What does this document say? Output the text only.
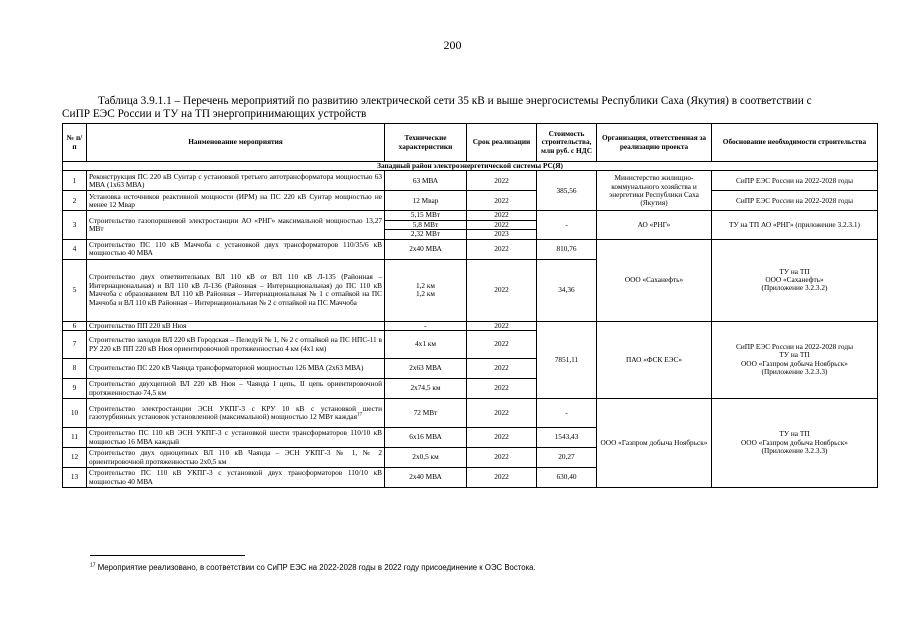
200
Таблица 3.9.1.1 – Перечень мероприятий по развитию электрической сети 35 кВ и выше энергосистемы Республики Саха (Якутия) в соответствии с СиПР ЕЭС России и ТУ на ТП энергопринимающих устройств
№ п/п	Наименование мероприятия	Технические характеристики	Срок реализации	Стоимость строительства, млн руб. с НДС	Организация, ответственная за реализацию проекта	Обоснование необходимости строительства
Западный район электроэнергетической системы РС(Я)						
1	Реконструкция ПС 220 кВ Сунтар с установкой третьего автотрансформатора мощностью 63 МВА (1х63 МВА)	63 МВА	2022	385,56	Министерство жилищно-коммунального хозяйства и энергетики Республики Саха (Якутия)	СиПР ЕЭС России на 2022-2028 годы
2	Установка источников реактивной мощности (ИРМ) на ПС 220 кВ Сунтар мощностью не менее 12 Мвар	12 Мвар	2022			СиПР ЕЭС России на 2022-2028 годы
3	Строительство газопоршневой электростанции АО «РНГ» максимальной мощностью 13,27 МВт	5,15 МВт	2022	-	АО «РНГ»	ТУ на ТП АО «РНГ» (приложение 3.2.3.1)
		5,8 МВт	2022			
		2,32 МВт	2023			
4	Строительство ПС 110 кВ Маччоба с установкой двух трансформаторов 110/35/6 кВ мощностью 40 МВА	2х40 МВА	2022	810,76	ООО «Саханефть»	ТУ на ТП
ООО «Саханефть»
(Приложение 3.2.3.2)

5	Строительство двух ответвительных ВЛ 110 кВ от ВЛ 110 кВ Л-135 (Районная – Интернациональная) и ВЛ 110 кВ Л-136 (Районная – Интернациональная) до ПС 110 кВ Маччоба с образованием ВЛ 110 кВ Районная – Интернациональная № 1 с отпайкой на ПС Маччоба и ВЛ 110 кВ Районная – Интернациональная № 2 с отпайкой на ПС Маччоба	1,2 км
1,2 км	2022	34,36		
6	Строительство ПП 220 кВ Нюя	-	2022	7851,11	ПАО «ФСК ЕЭС»	СиПР ЕЭС России на 2022-2028 годы
ТУ на ТП
ООО «Газпром добыча Ноябрьск»
(Приложение 3.2.3.3)

7	Строительство заходов ВЛ 220 кВ Городская – Пеледуй № 1, № 2 с отпайкой на ПС НПС-11 в РУ 220 кВ ПП 220 кВ Нюя ориентировочной протяженностью 4 км (4х1 км)	4х1 км	2022			
8	Строительство ПС 220 кВ Чаяндa трансформаторной мощностью 126 МВА (2х63 МВА)	2х63 МВА	2022			
9	Строительство двухцепной ВЛ 220 кВ Нюя – Чаянда I цепь, II цепь ориентировочной протяженностью 74,5 км	2х74,5 км	2022			
10	Строительство электростанции ЭСН УКПГ-3 с КРУ 10 кВ с установкой шести газотурбинных установок установленной (максимальной) мощностью 12 МВт каждая$^{17}$	72 МВт	2022	-	ООО «Газпром добыча Ноябрьск»	ТУ на ТП
ООО «Газпром добыча Ноябрьск»
(Приложение 3.2.3.3)

11	Строительство ПС 110 кВ ЭСН УКПГ-3 с установкой шести трансформаторов 110/10 кВ мощностью 16 МВА каждый	6х16 МВА	2022	1543,43		
12	Строительство двух одноцепных ВЛ 110 кВ Чаянда – ЭСН УКПГ-3 № 1, № 2 ориентировочной протяженностью 2х0,5 км	2х0,5 км	2022	20,27		
13	Строительство ПС 110 кВ УКПГ-3 с установкой двух трансформаторов 110/10 кВ мощностью 40 МВА	2х40 МВА	2022	630,40		
$^{17}$ Мероприятие реализовано, в соответствии со СиПР ЕЭС на 2022-2028 годы в 2022 году присоединение к ОЭС Востока.
